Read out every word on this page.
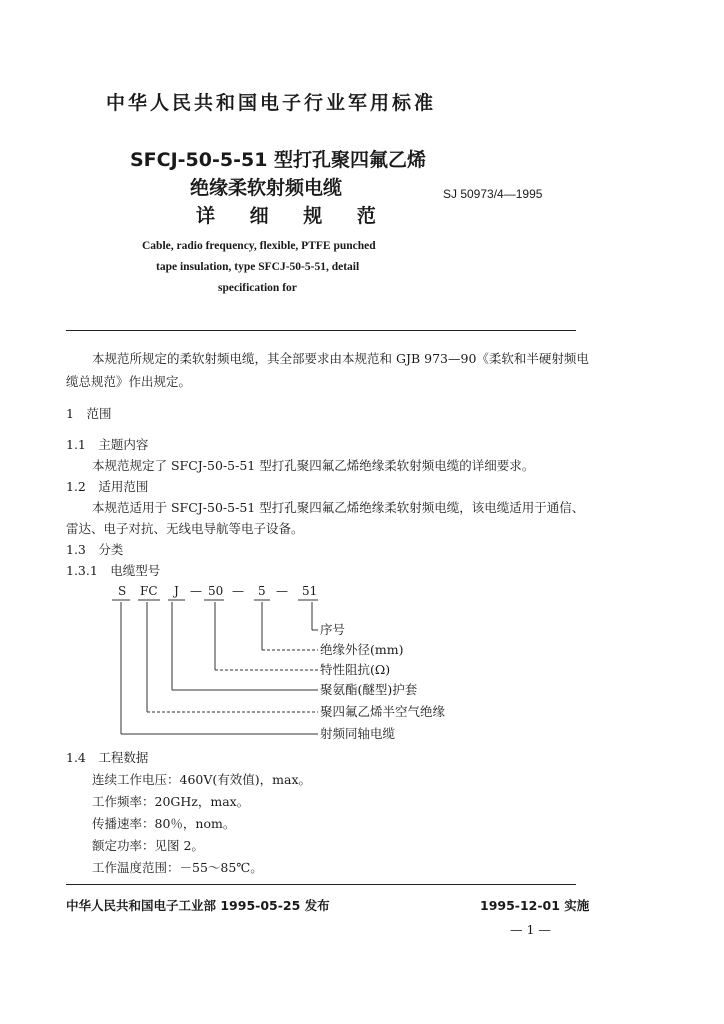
中华人民共和国电子行业军用标准
SFCJ-50-5-51 型打孔聚四氟乙烯
绝缘柔软射频电缆
详 细 规 范
SJ 50973/4—1995
Cable, radio frequency, flexible, PTFE punched
tape insulation, type SFCJ-50-5-51, detail
specification for
本规范所规定的柔软射频电缆，其全部要求由本规范和 GJB 973—90《柔软和半硬射频电
缆总规范》作出规定。
1　范围
1.1　主题内容
本规范规定了 SFCJ-50-5-51 型打孔聚四氟乙烯绝缘柔软射频电缆的详细要求。
1.2　适用范围
本规范适用于 SFCJ-50-5-51 型打孔聚四氟乙烯绝缘柔软射频电缆，该电缆适用于通信、
雷达、电子对抗、无线电导航等电子设备。
1.3　分类
1.3.1　电缆型号
S FC J — 50 — 5 — 51
序号
绝缘外径(mm)
特性阻抗(Ω)
聚氨酯(醚型)护套
聚四氟乙烯半空气绝缘
射频同轴电缆
1.4　工程数据
连续工作电压：460V(有效值)，max。
工作频率：20GHz，max。
传播速率：80％，nom。
额定功率：见图 2。
工作温度范围：－55～85℃。
中华人民共和国电子工业部 1995-05-25 发布	1995-12-01 实施
— 1 —
